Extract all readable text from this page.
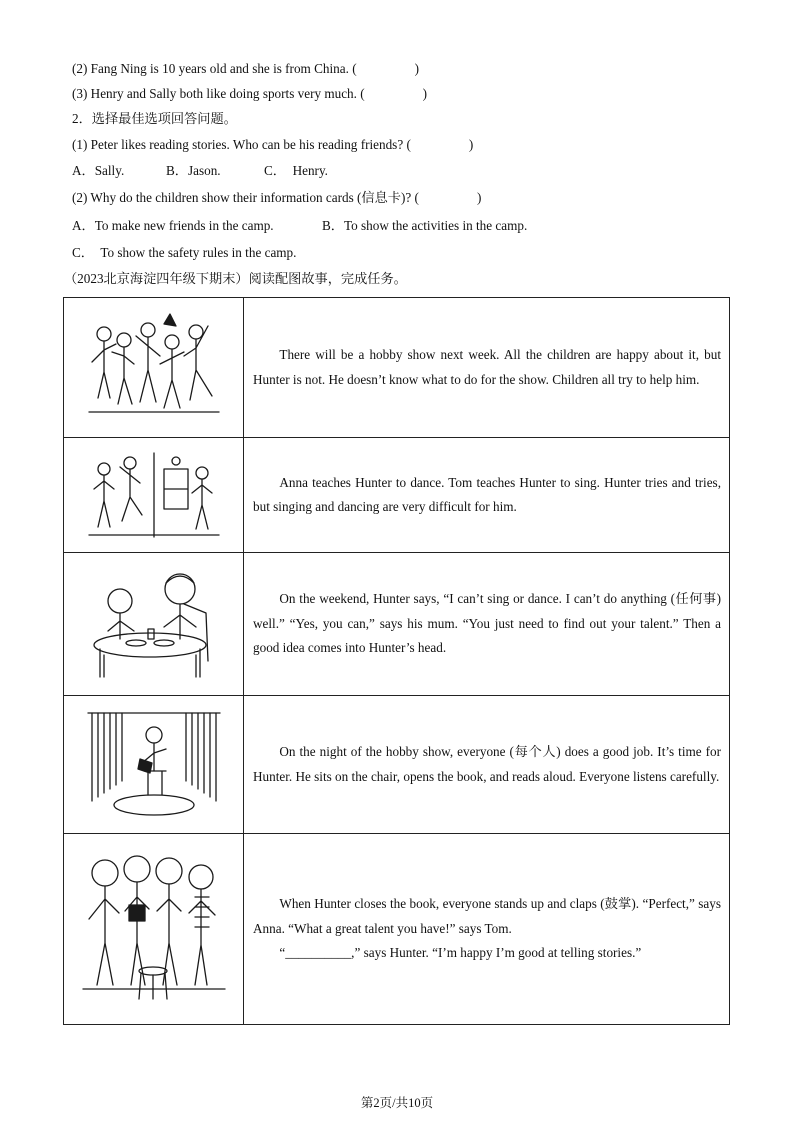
(2) Fang Ning is 10 years old and she is from China. (	)
(3) Henry and Sally both like doing sports very much. (	)
2．选择最佳选项回答问题。
(1) Peter likes reading stories. Who can be his reading friends? (	)
A．Sally.	B．Jason.	C．  Henry.
(2) Why do the children show their information cards (信息卡)? (	)
A．To make new friends in the camp.	B．To show the activities in the camp.
C．  To show the safety rules in the camp.
（2023北京海淀四年级下期末）阅读配图故事，完成任务。

There will be a hobby show next week. All the children are happy about it, but Hunter is not. He doesn’t know what to do for the show. Children all try to help him.

Anna teaches Hunter to dance. Tom teaches Hunter to sing. Hunter tries and tries, but singing and dancing are very difficult for him.

On the weekend, Hunter says, “I can’t sing or dance. I can’t do anything (任何事) well.” “Yes, you can,” says his mum. “You just need to find out your talent.” Then a good idea comes into Hunter’s head.

On the night of the hobby show, everyone (每个人) does a good job. It’s time for Hunter. He sits on the chair, opens the book, and reads aloud. Everyone listens carefully.

When Hunter closes the book, everyone stands up and claps (鼓掌). “Perfect,” says Anna. “What a great talent you have!” says Tom.

“__________,” says Hunter. “I’m happy I’m good at telling stories.”

第2页/共10页
